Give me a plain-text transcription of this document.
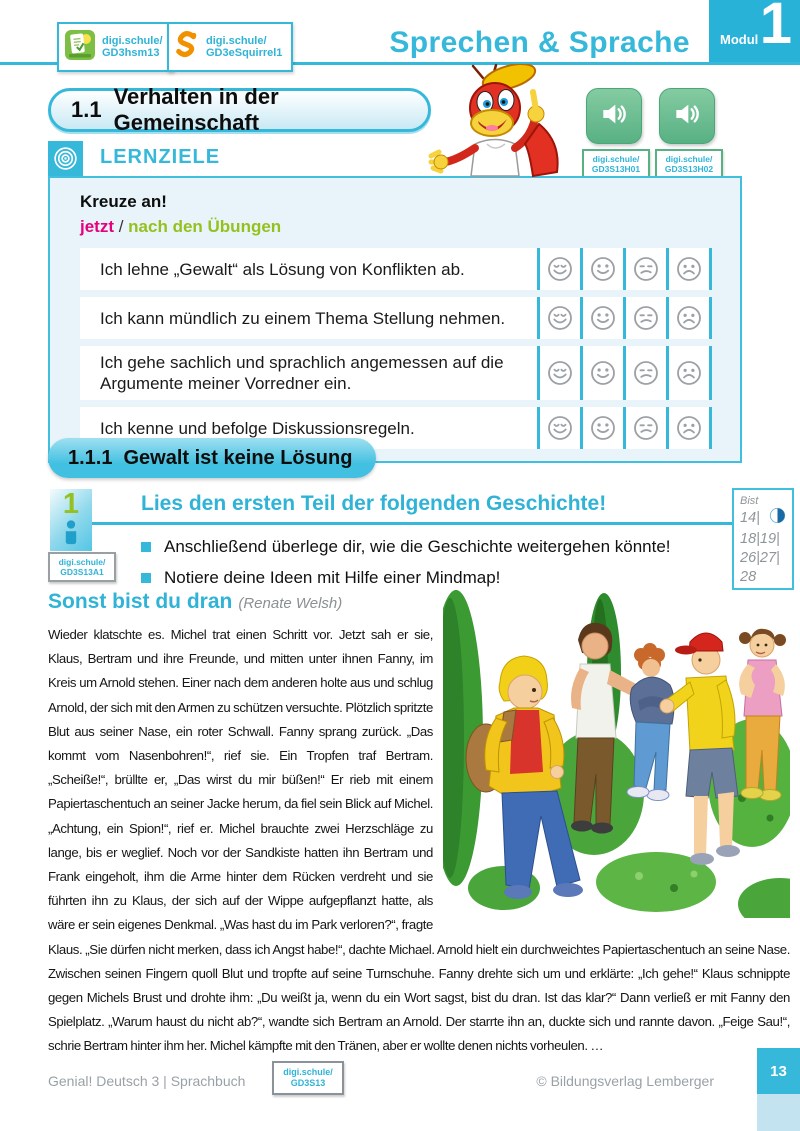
digi.schule/
GD3hsm13
digi.schule/
GD3eSquirrel1	Sprechen & Sprache Modul 1
1.1
Verhalten in der Gemeinschaft
digi.schule/
GD3S13H01
digi.schule/
GD3S13H02
LERNZIELE
Kreuze an!
jetzt / nach den Übungen
Ich lehne „Gewalt“ als Lösung von Konflikten ab.
Ich kann mündlich zu einem Thema Stellung nehmen.
Ich gehe sachlich und sprachlich angemessen auf die Argumente meiner Vorredner ein.
Ich kenne und befolge Diskussionsregeln.
1.1.1 Gewalt ist keine Lösung
1
digi.schule/
GD3S13A1
Lies den ersten Teil der folgenden Geschichte!
Anschließend überlege dir, wie die Geschichte weitergehen könnte!
Notiere deine Ideen mit Hilfe einer Mindmap!
Bist
14|
18|19|
26|27|
28
Sonst bist du dran (Renate Welsh)
Wieder klatschte es. Michel trat einen Schritt vor. Jetzt sah er sie, Klaus, Bertram und ihre Freunde, und mitten unter ihnen Fanny, im Kreis um Arnold stehen. Einer nach dem anderen holte aus und schlug Arnold, der sich mit den Armen zu schützen versuchte. Plötzlich spritzte Blut aus seiner Nase, ein roter Schwall. Fanny sprang zurück. „Das kommt vom Nasenbohren!“, rief sie. Ein Tropfen traf Bertram. „Scheiße!“, brüllte er, „Das wirst du mir büßen!“ Er rieb mit einem Papiertaschentuch an seiner Jacke herum, da fiel sein Blick auf Michel. „Achtung, ein Spion!“, rief er. Michel brauchte zwei Herzschläge zu lange, bis er weglief. Noch vor der Sandkiste hatten ihn Bertram und Frank eingeholt, ihm die Arme hinter dem Rücken verdreht und sie führten ihn zu Klaus, der sich auf der Wippe aufgepflanzt hatte, als wäre er sein eigenes Denkmal. „Was hast du im Park verloren?“, fragte Klaus. „Sie dürfen nicht merken, dass ich Angst habe!“, dachte Michael. Arnold hielt ein durchweichtes Papiertaschentuch an seine Nase. Zwischen seinen Fingern quoll Blut und tropfte auf seine Turnschuhe. Fanny drehte sich um und erklärte: „Ich gehe!“ Klaus schnippte gegen Michels Brust und drohte ihm: „Du weißt ja, wenn du ein Wort sagst, bist du dran. Ist das klar?“ Dann verließ er mit Fanny den Spielplatz. „Warum haust du nicht ab?“, wandte sich Bertram an Arnold. Der starrte ihn an, duckte sich und rannte davon. „Feige Sau!“, schrie Bertram hinter ihm her. Michel kämpfte mit den Tränen, aber er wollte denen nichts vorheulen. …
Genial! Deutsch 3 | Sprachbuch
digi.schule/
GD3S13	© Bildungsverlag Lemberger
13
